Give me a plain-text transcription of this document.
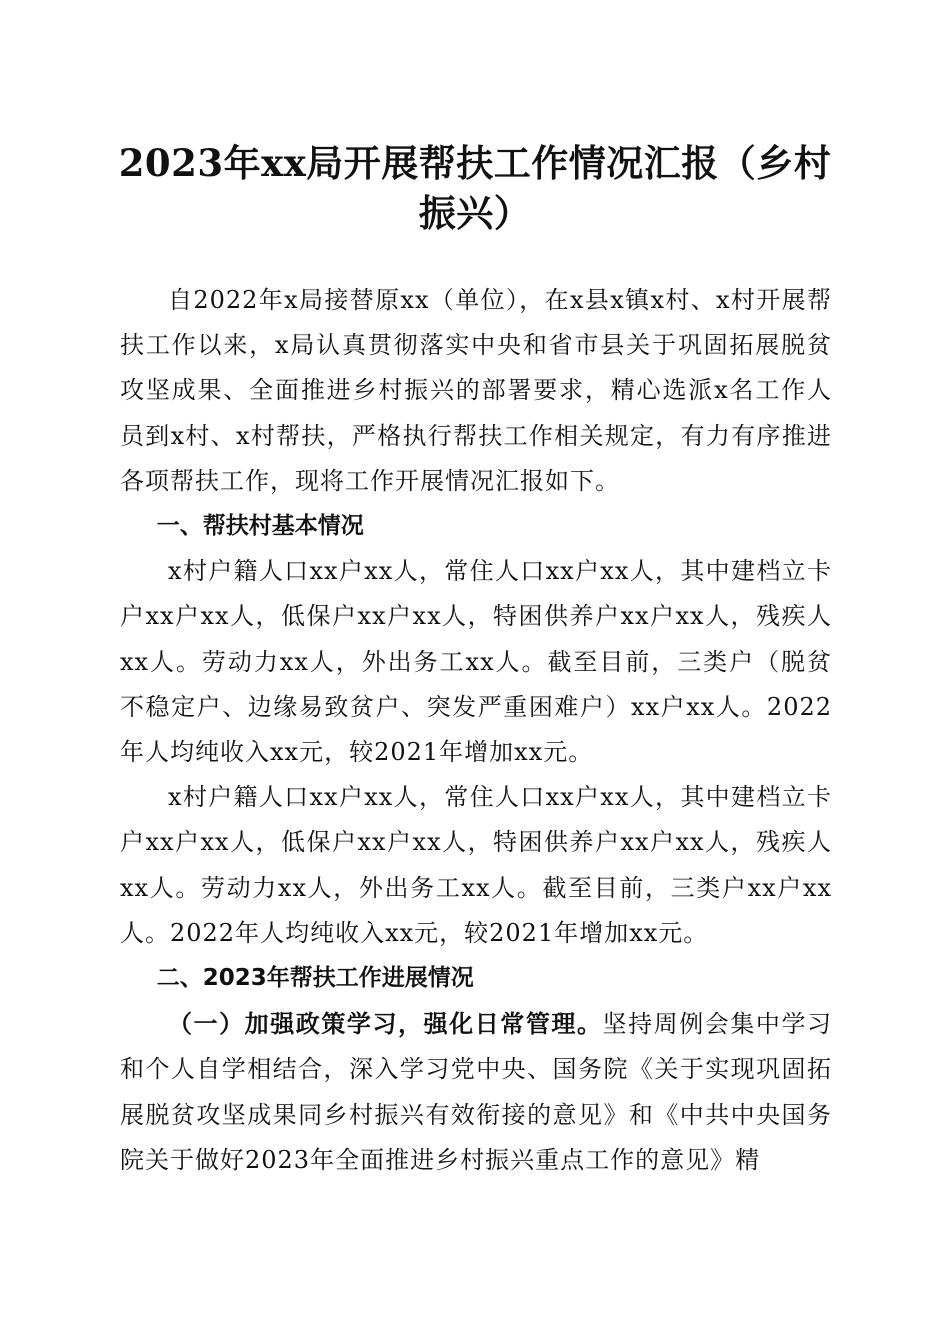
2023年xx局开展帮扶工作情况汇报（乡村振兴）

自2022年x局接替原xx（单位），在x县x镇x村、x村开展帮扶工作以来，x局认真贯彻落实中央和省市县关于巩固拓展脱贫攻坚成果、全面推进乡村振兴的部署要求，精心选派x名工作人员到x村、x村帮扶，严格执行帮扶工作相关规定，有力有序推进各项帮扶工作，现将工作开展情况汇报如下。

一、帮扶村基本情况

x村户籍人口xx户xx人，常住人口xx户xx人，其中建档立卡户xx户xx人，低保户xx户xx人，特困供养户xx户xx人，残疾人xx人。劳动力xx人，外出务工xx人。截至目前，三类户（脱贫不稳定户、边缘易致贫户、突发严重困难户）xx户xx人。2022年人均纯收入xx元，较2021年增加xx元。

x村户籍人口xx户xx人，常住人口xx户xx人，其中建档立卡户xx户xx人，低保户xx户xx人，特困供养户xx户xx人，残疾人xx人。劳动力xx人，外出务工xx人。截至目前，三类户xx户xx人。2022年人均纯收入xx元，较2021年增加xx元。

二、2023年帮扶工作进展情况

（一）加强政策学习，强化日常管理。坚持周例会集中学习和个人自学相结合，深入学习党中央、国务院《关于实现巩固拓展脱贫攻坚成果同乡村振兴有效衔接的意见》和《中共中央国务院关于做好2023年全面推进乡村振兴重点工作的意见》精
